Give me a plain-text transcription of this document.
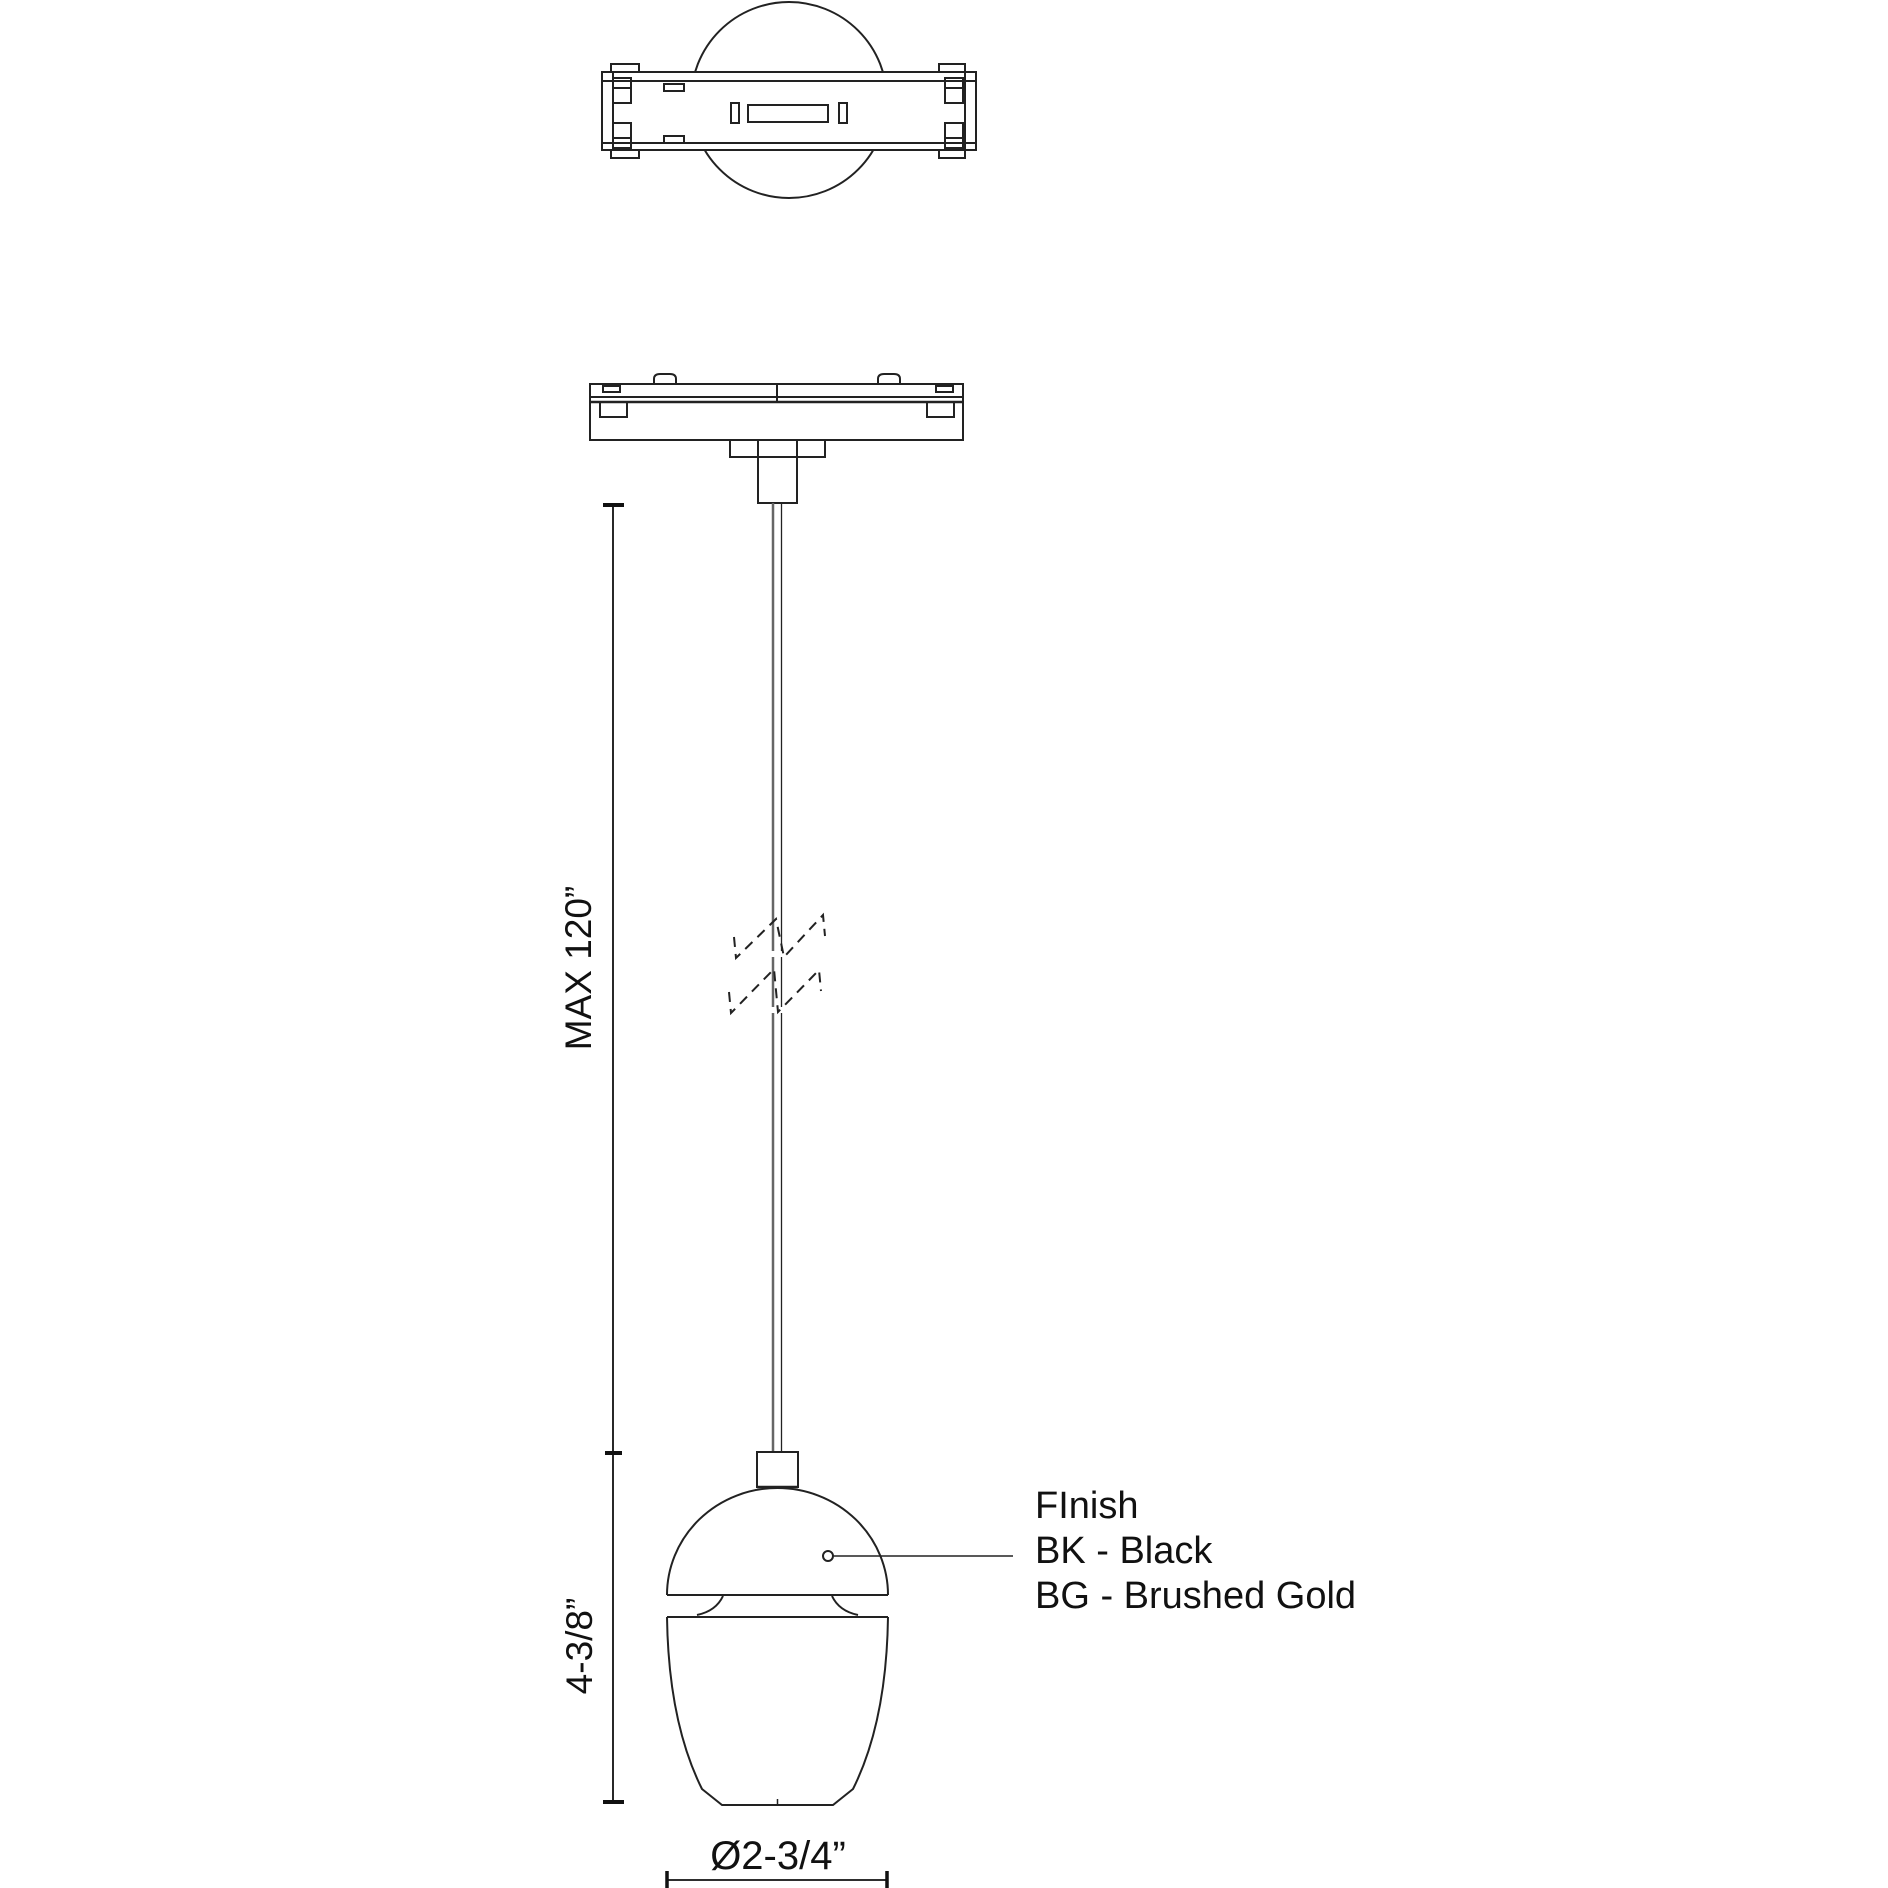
MAX 120”
4-3/8”
Ø2-3/4”
FInish
BK - Black
BG - Brushed Gold
